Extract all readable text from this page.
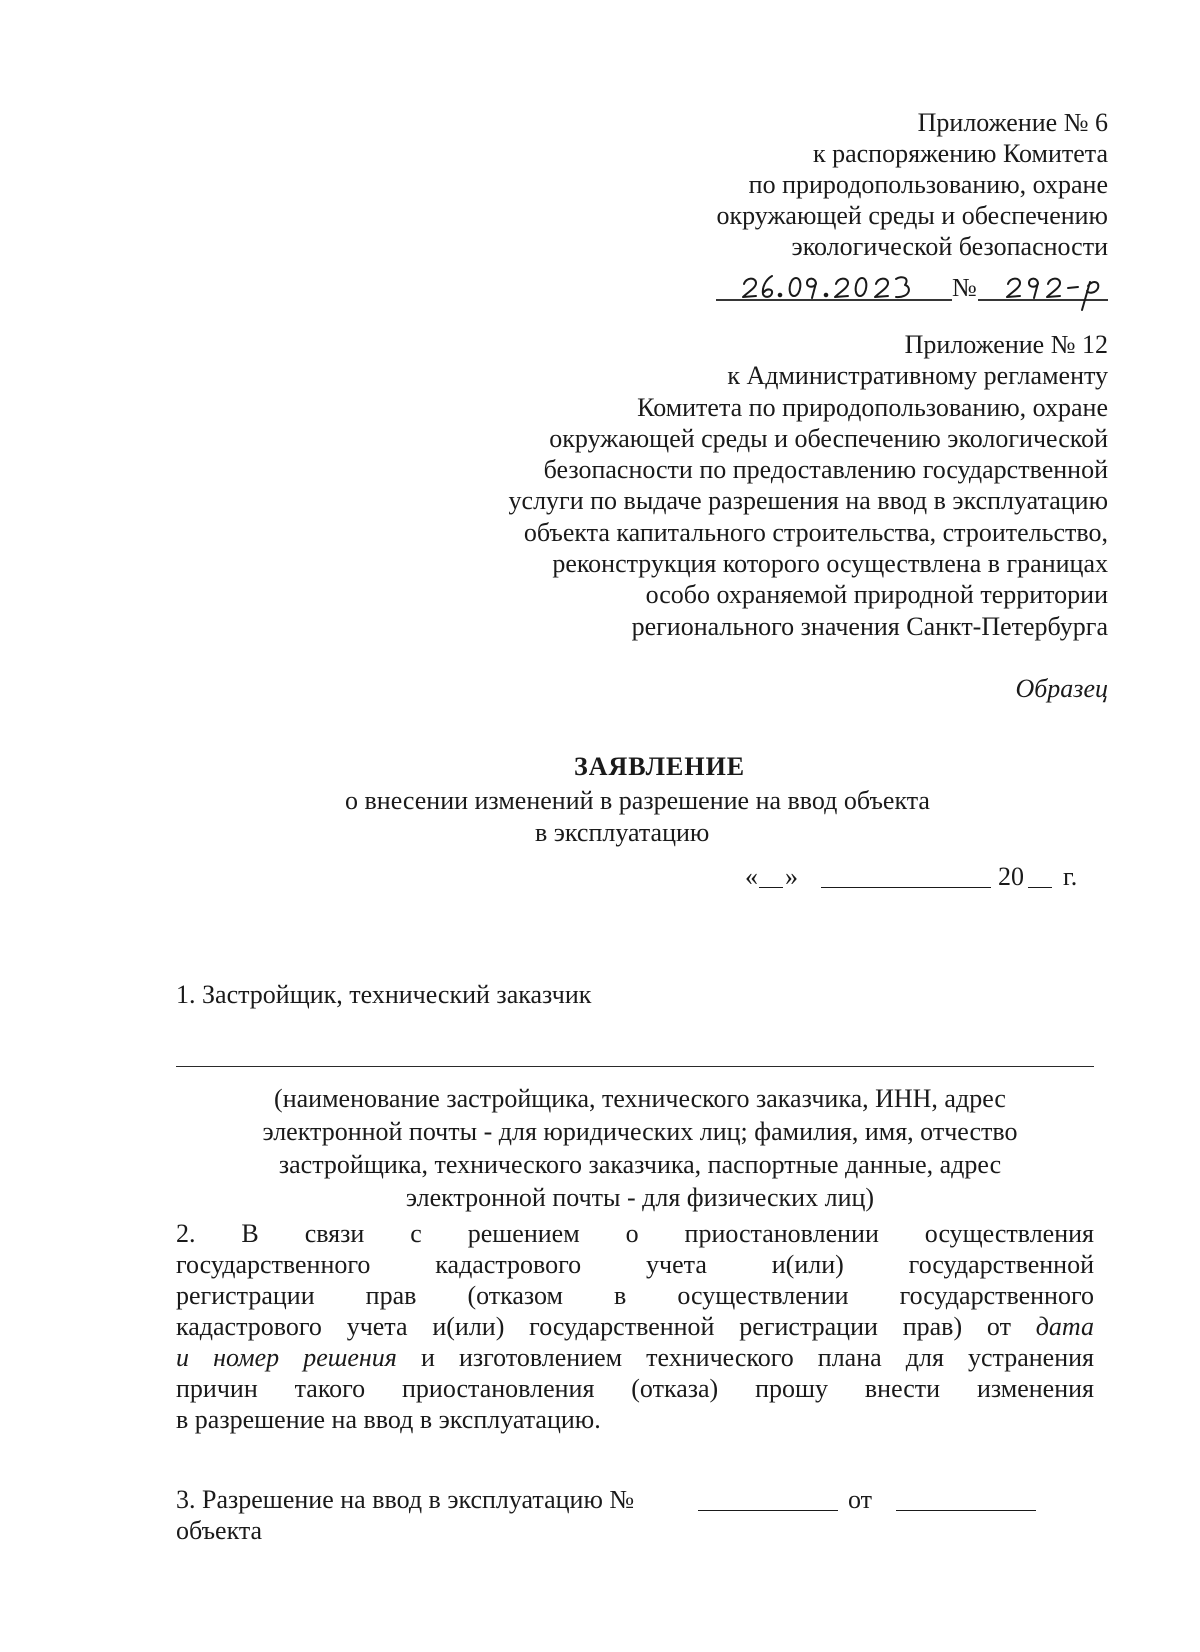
Приложение № 6
к распоряжению Комитета
по природопользованию, охране
окружающей среды и обеспечению
экологической безопасности
№
Приложение № 12
к Административному регламенту
Комитета по природопользованию, охране
окружающей среды и обеспечению экологической
безопасности по предоставлению государственной
услуги по выдаче разрешения на ввод в эксплуатацию
объекта капитального строительства, строительство,
реконструкция которого осуществлена в границах
особо охраняемой природной территории
регионального значения Санкт-Петербурга
Образец
ЗАЯВЛЕНИЕ
о внесении изменений в разрешение на ввод объекта
в эксплуатацию
« »	20 г.
1. Застройщик, технический заказчик
(наименование застройщика, технического заказчика, ИНН, адрес
электронной почты - для юридических лиц; фамилия, имя, отчество
застройщика, технического заказчика, паспортные данные, адрес
электронной почты - для физических лиц)
2. В связи с решением о приостановлении осуществления
государственного кадастрового учета и(или) государственной
регистрации прав (отказом в осуществлении государственного
кадастрового учета и(или) государственной регистрации прав) от дата
и номер решения и изготовлением технического плана для устранения
причин такого приостановления (отказа) прошу внести изменения
в разрешение на ввод в эксплуатацию.
3. Разрешение на ввод в эксплуатацию №	от
объекта
